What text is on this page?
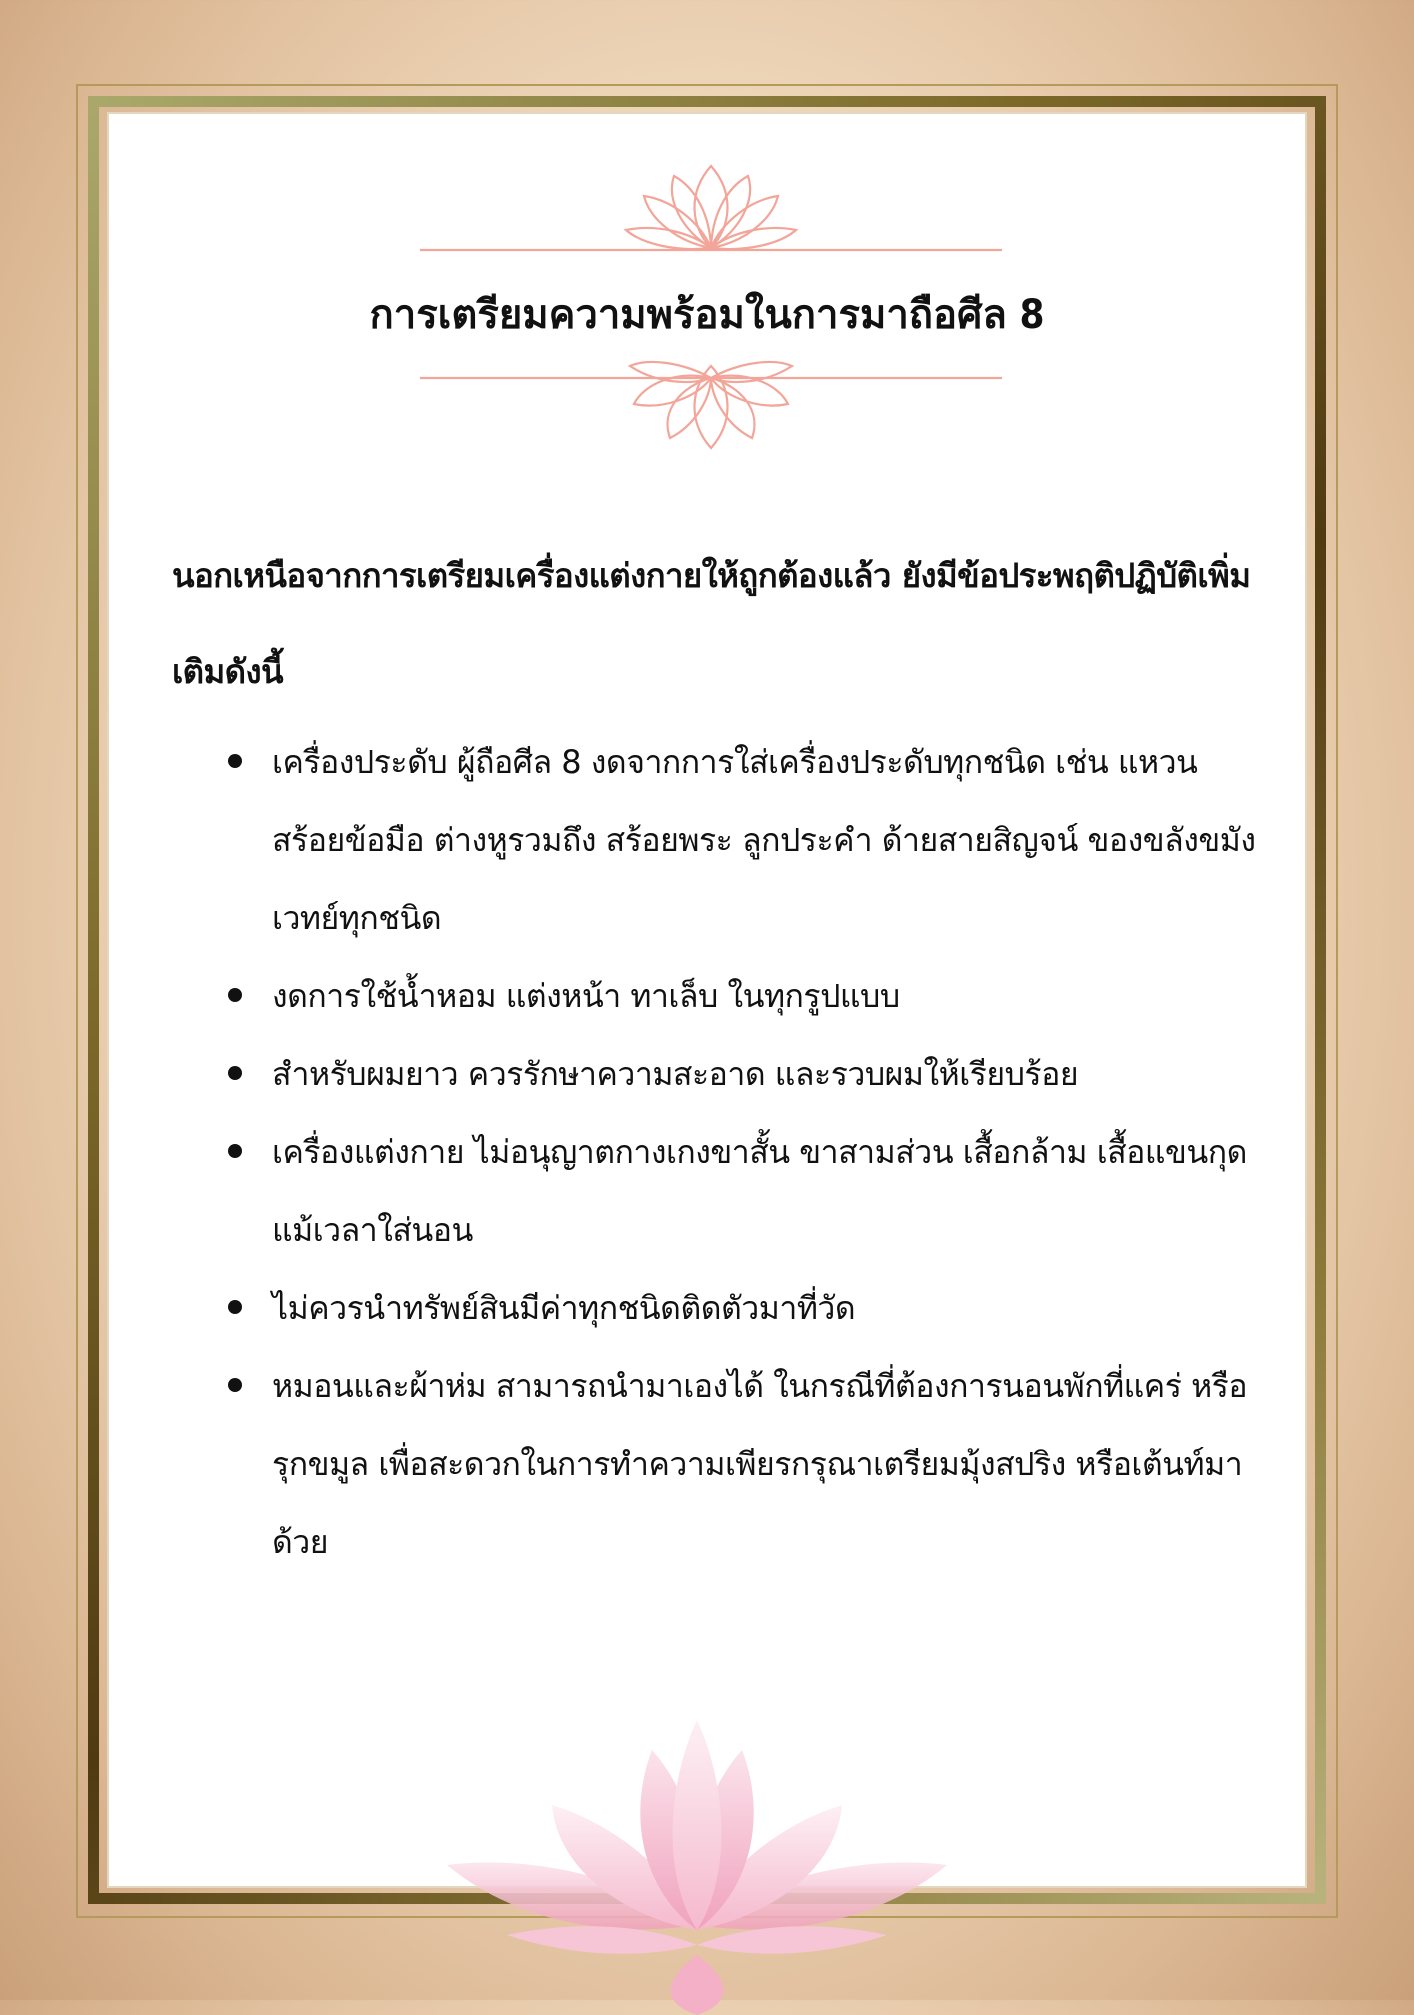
การเตรียมความพร้อมในการมาถือศีล 8

นอกเหนือจากการเตรียมเครื่องแต่งกายให้ถูกต้องแล้ว ยังมีข้อประพฤติปฏิบัติเพิ่มเติมดังนี้

เครื่องประดับ ผู้ถือศีล 8 งดจากการใส่เครื่องประดับทุกชนิด เช่น แหวน สร้อยข้อมือ ต่างหูรวมถึง สร้อยพระ ลูกประคำ ด้ายสายสิญจน์ ของขลังขมังเวทย์ทุกชนิด
งดการใช้น้ำหอม แต่งหน้า ทาเล็บ ในทุกรูปแบบ
สำหรับผมยาว ควรรักษาความสะอาด และรวบผมให้เรียบร้อย
เครื่องแต่งกาย ไม่อนุญาตกางเกงขาสั้น ขาสามส่วน เสื้อกล้าม เสื้อแขนกุด แม้เวลาใส่นอน
ไม่ควรนำทรัพย์สินมีค่าทุกชนิดติดตัวมาที่วัด
หมอนและผ้าห่ม สามารถนำมาเองได้ ในกรณีที่ต้องการนอนพักที่แคร่ หรือรุกขมูล เพื่อสะดวกในการทำความเพียรกรุณาเตรียมมุ้งสปริง หรือเต้นท์มาด้วย
